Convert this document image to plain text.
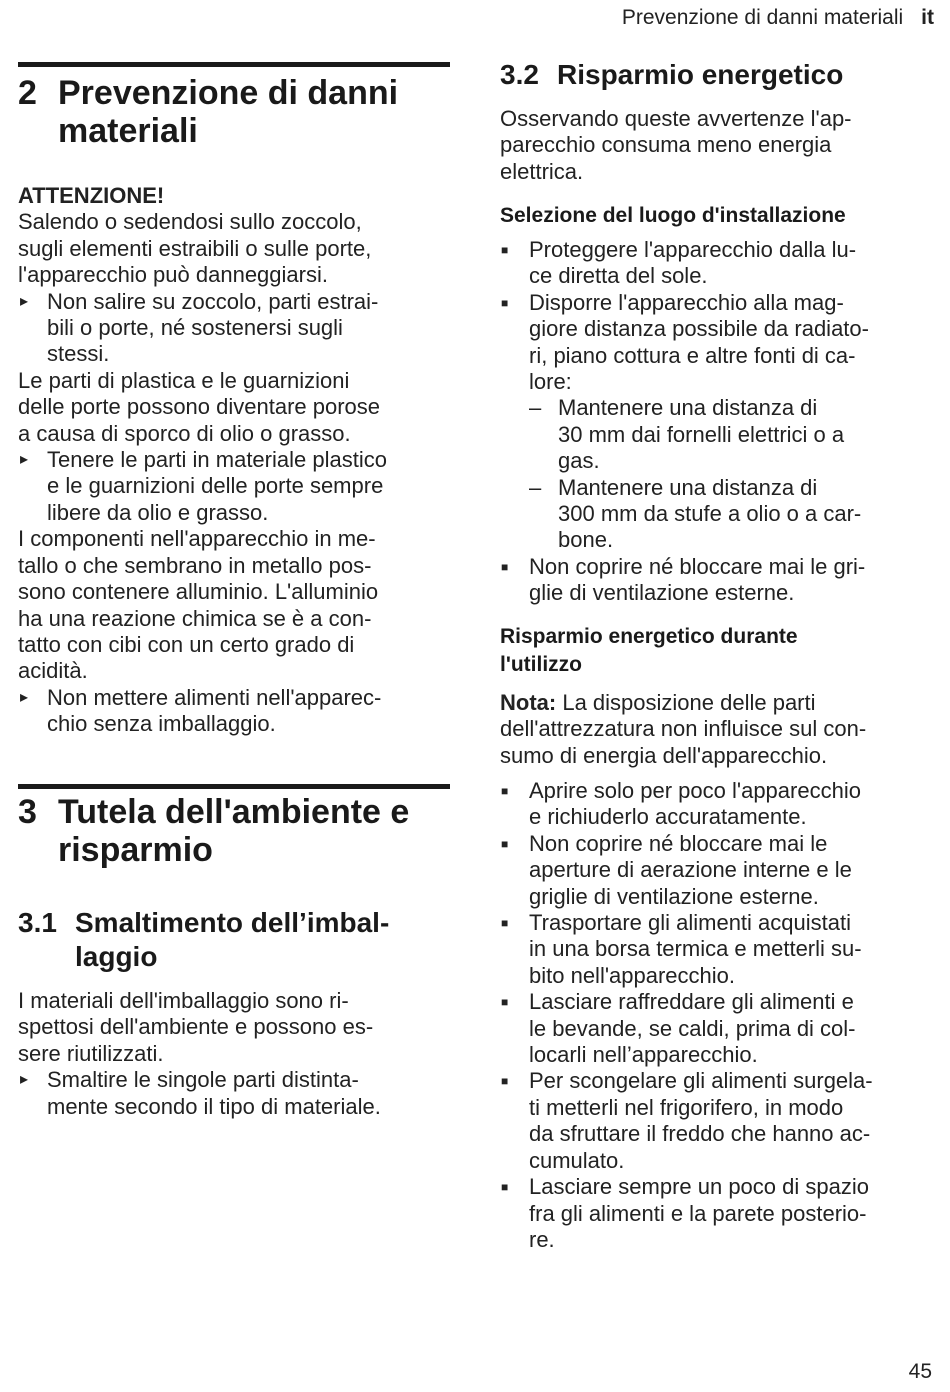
Prevenzione di danni materiali it
2 Prevenzione di danni
materiali

ATTENZIONE!

Salendo o sedendosi sullo zoccolo,
sugli elementi estraibili o sulle porte,
l'apparecchio può danneggiarsi.

▸ Non salire su zoccolo, parti estrai-
bili o porte, né sostenersi sugli
stessi.

Le parti di plastica e le guarnizioni
delle porte possono diventare porose
a causa di sporco di olio o grasso.

▸ Tenere le parti in materiale plastico
e le guarnizioni delle porte sempre
libere da olio e grasso.

I componenti nell'apparecchio in me-
tallo o che sembrano in metallo pos-
sono contenere alluminio. L'alluminio
ha una reazione chimica se è a con-
tatto con cibi con un certo grado di
acidità.

▸ Non mettere alimenti nell'apparec-
chio senza imballaggio.

3 Tutela dell'ambiente e
risparmio
3.1 Smaltimento dell’imbal-
laggio

I materiali dell'imballaggio sono ri-
spettosi dell'ambiente e possono es-
sere riutilizzati.

▸ Smaltire le singole parti distinta-
mente secondo il tipo di materiale.

3.2 Risparmio energetico

Osservando queste avvertenze l'ap-
parecchio consuma meno energia
elettrica.

Selezione del luogo d'installazione

■ Proteggere l'apparecchio dalla lu-
ce diretta del sole.

■ Disporre l'apparecchio alla mag-
giore distanza possibile da radiato-
ri, piano cottura e altre fonti di ca-
lore:

– Mantenere una distanza di
30 mm dai fornelli elettrici o a
gas.

– Mantenere una distanza di
300 mm da stufe a olio o a car-
bone.

■ Non coprire né bloccare mai le gri-
glie di ventilazione esterne.

Risparmio energetico durante
l'utilizzo

Nota: La disposizione delle parti
dell'attrezzatura non influisce sul con-
sumo di energia dell'apparecchio.

■ Aprire solo per poco l'apparecchio
e richiuderlo accuratamente.

■ Non coprire né bloccare mai le
aperture di aerazione interne e le
griglie di ventilazione esterne.

■ Trasportare gli alimenti acquistati
in una borsa termica e metterli su-
bito nell'apparecchio.

■ Lasciare raffreddare gli alimenti e
le bevande, se caldi, prima di col-
locarli nell’apparecchio.

■ Per scongelare gli alimenti surgela-
ti metterli nel frigorifero, in modo
da sfruttare il freddo che hanno ac-
cumulato.

■ Lasciare sempre un poco di spazio
fra gli alimenti e la parete posterio-
re.

45
